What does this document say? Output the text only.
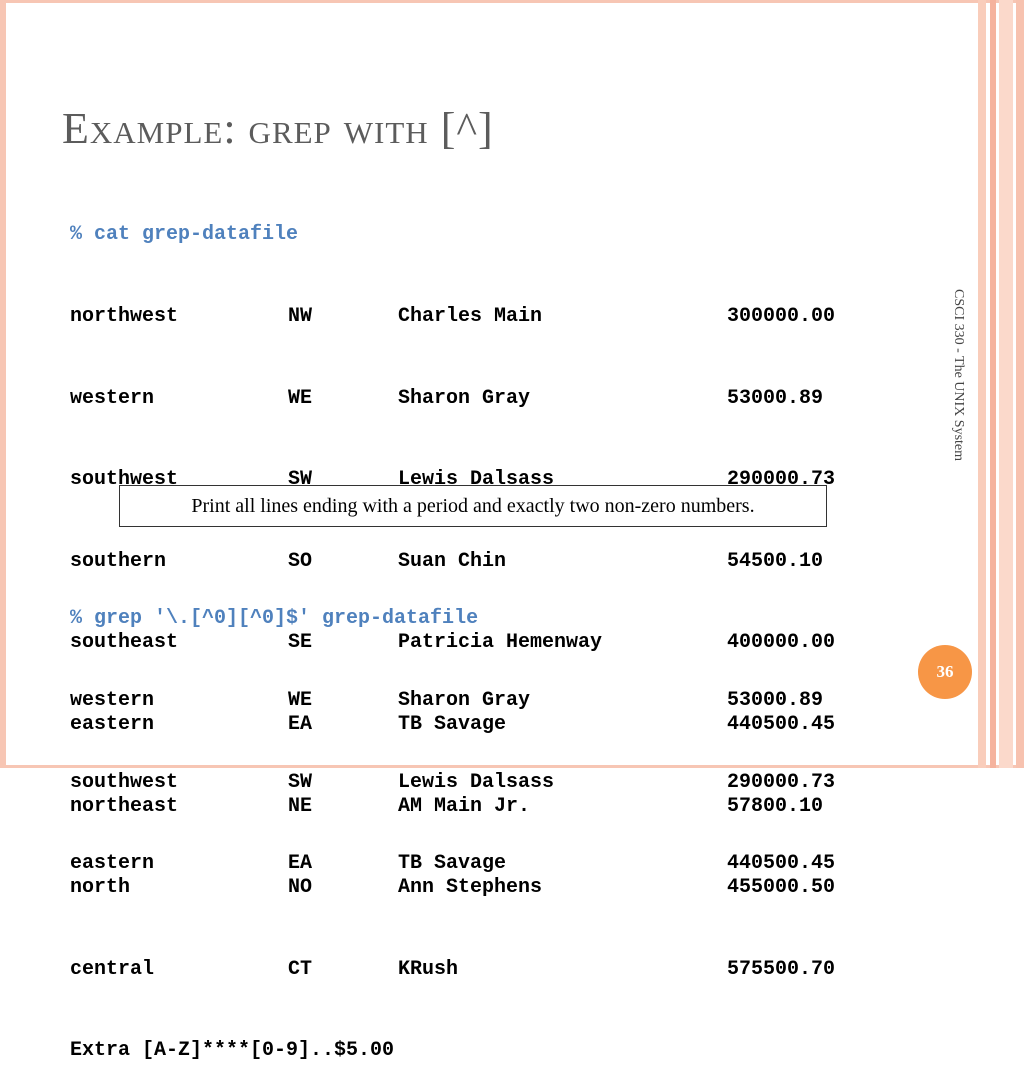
Example: grep with [^]

% cat grep-datafile

northwest	NW	Charles Main	300000.00

western	WE	Sharon Gray	53000.89

southwest	SW	Lewis Dalsass	290000.73

southern	SO	Suan Chin	54500.10

southeast	SE	Patricia Hemenway	400000.00

eastern	EA	TB Savage	440500.45

northeast	NE	AM Main Jr.	57800.10

north	NO	Ann Stephens	455000.50

central	CT	KRush	575500.70

Extra [A-Z]****[0-9]..$5.00

Print all lines ending with a period and exactly two non-zero numbers.

% grep '\.[^0][^0]$' grep-datafile

western	WE	Sharon Gray	53000.89

southwest	SW	Lewis Dalsass	290000.73

eastern	EA	TB Savage	440500.45

CSCI 330 - The UNIX System
36
